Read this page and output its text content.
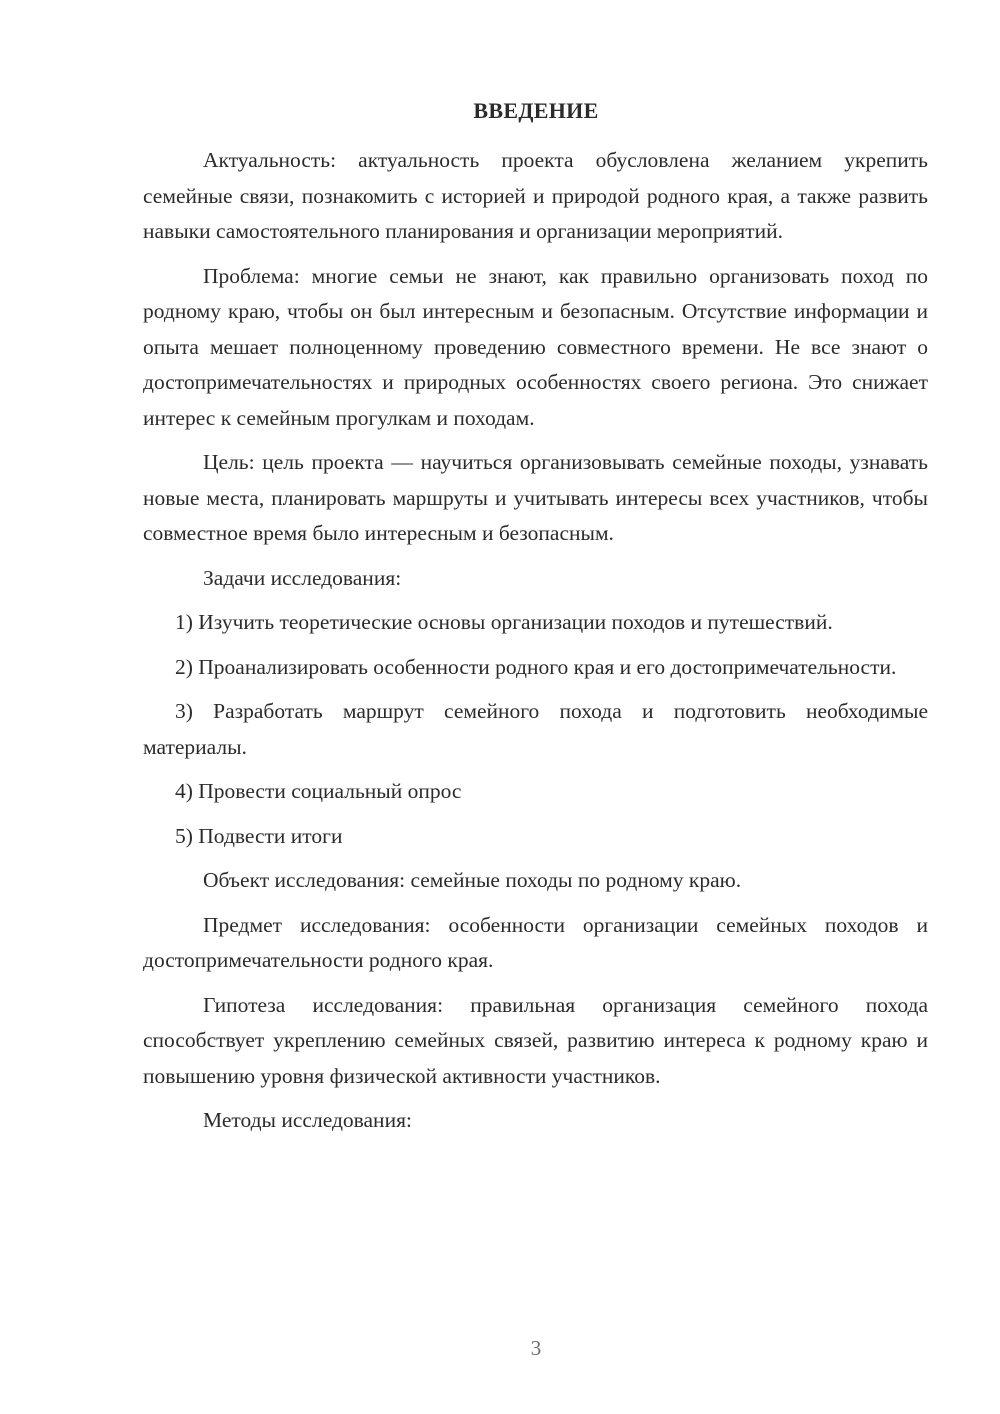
ВВЕДЕНИЕ

Актуальность: актуальность проекта обусловлена желанием укрепить семейные связи, познакомить с историей и природой родного края, а также развить навыки самостоятельного планирования и организации мероприятий.

Проблема: многие семьи не знают, как правильно организовать поход по родному краю, чтобы он был интересным и безопасным. Отсутствие информации и опыта мешает полноценному проведению совместного времени. Не все знают о достопримечательностях и природных особенностях своего региона. Это снижает интерес к семейным прогулкам и походам.

Цель: цель проекта — научиться организовывать семейные походы, узнавать новые места, планировать маршруты и учитывать интересы всех участников, чтобы совместное время было интересным и безопасным.

Задачи исследования:

1) Изучить теоретические основы организации походов и путешествий.

2) Проанализировать особенности родного края и его достопримечательности.

3) Разработать маршрут семейного похода и подготовить необходимые материалы.

4) Провести социальный опрос

5) Подвести итоги

Объект исследования: семейные походы по родному краю.

Предмет исследования: особенности организации семейных походов и достопримечательности родного края.

Гипотеза исследования: правильная организация семейного похода способствует укреплению семейных связей, развитию интереса к родному краю и повышению уровня физической активности участников.

Методы исследования:

3
